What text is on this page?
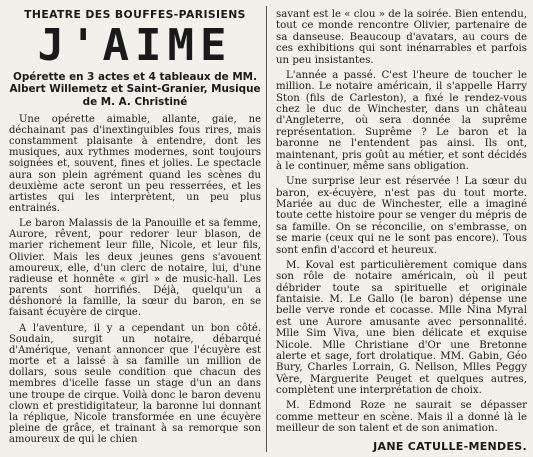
THEATRE DES BOUFFES-PARISIENS
J'AIME
Opérette en 3 actes et 4 tableaux de MM. Albert Willemetz et Saint-Granier, Musique de M. A. Christiné

Une opérette aimable, allante, gaie, ne déchainant pas d'inextinguibles fous rires, mais constamment plaisante à entendre, dont les musiques, aux rythmes modernes, sont toujours soignées et, souvent, fines et jolies. Le spectacle aura son plein agrément quand les scènes du deuxième acte seront un peu resserrées, et les artistes qui les interprètent, un peu plus entrainés.

Le baron Malassis de la Panouille et sa femme, Aurore, rêvent, pour redorer leur blason, de marier richement leur fille, Nicole, et leur fils, Olivier. Mais les deux jeunes gens s'avouent amoureux, elle, d'un clerc de notaire, lui, d'une radieuse et honnête « girl » de music-hall. Les parents sont horrifiés. Déjà, quelqu'un a déshonoré la famille, la sœur du baron, en se faisant écuyère de cirque.

A l'aventure, il y a cependant un bon côté. Soudain, surgit un notaire, débarqué d'Amérique, venant annoncer que l'écuyère est morte et a laissé à sa famille un million de dollars, sous seule condition que chacun des membres d'icelle fasse un stage d'un an dans une troupe de cirque. Voilà donc le baron devenu clown et prestidigitateur, la baronne lui donnant la réplique, Nicole transformée en une écuyère pleine de grâce, et trainant à sa remorque son amoureux de qui le chien

savant est le « clou » de la soirée. Bien entendu, tout ce monde rencontre Olivier, partenaire de sa danseuse. Beaucoup d'avatars, au cours de ces exhibitions qui sont inénarrables et parfois un peu insistantes.

L'année a passé. C'est l'heure de toucher le million. Le notaire américain, il s'appelle Harry Ston (fils de Carleston), a fixé le rendez-vous chez le duc de Winchester, dans un château d'Angleterre, où sera donnée la suprême représentation. Suprême ? Le baron et la baronne ne l'entendent pas ainsi. Ils ont, maintenant, pris goût au métier, et sont décidés à le continuer, même sans obligation.

Une surprise leur est réservée ! La sœur du baron, ex-écuyère, n'est pas du tout morte. Mariée au duc de Winchester, elle a imaginé toute cette histoire pour se venger du mépris de sa famille. On se réconcilie, on s'embrasse, on se marie (ceux qui ne le sont pas encore). Tous sont enfin d'accord et heureux.

M. Koval est particulièrement comique dans son rôle de notaire américain, où il peut débrider toute sa spirituelle et originale fantaisie. M. Le Gallo (le baron) dépense une belle verve ronde et cocasse. Mlle Nina Myral est une Aurore amusante avec personnalité. Mlle Sim Viva, une bien délicate et exquise Nicole. Mlle Christiane d'Or une Bretonne alerte et sage, fort drolatique. MM. Gabin, Géo Bury, Charles Lorrain, G. Nellson, Mlles Peggy Vère, Marguerite Peuget et quelques autres, complètent une interprétation de choix.

M. Edmond Roze ne saurait se dépasser comme metteur en scène. Mais il a donné là le meilleur de son talent et de son animation.

JANE CATULLE-MENDES.
